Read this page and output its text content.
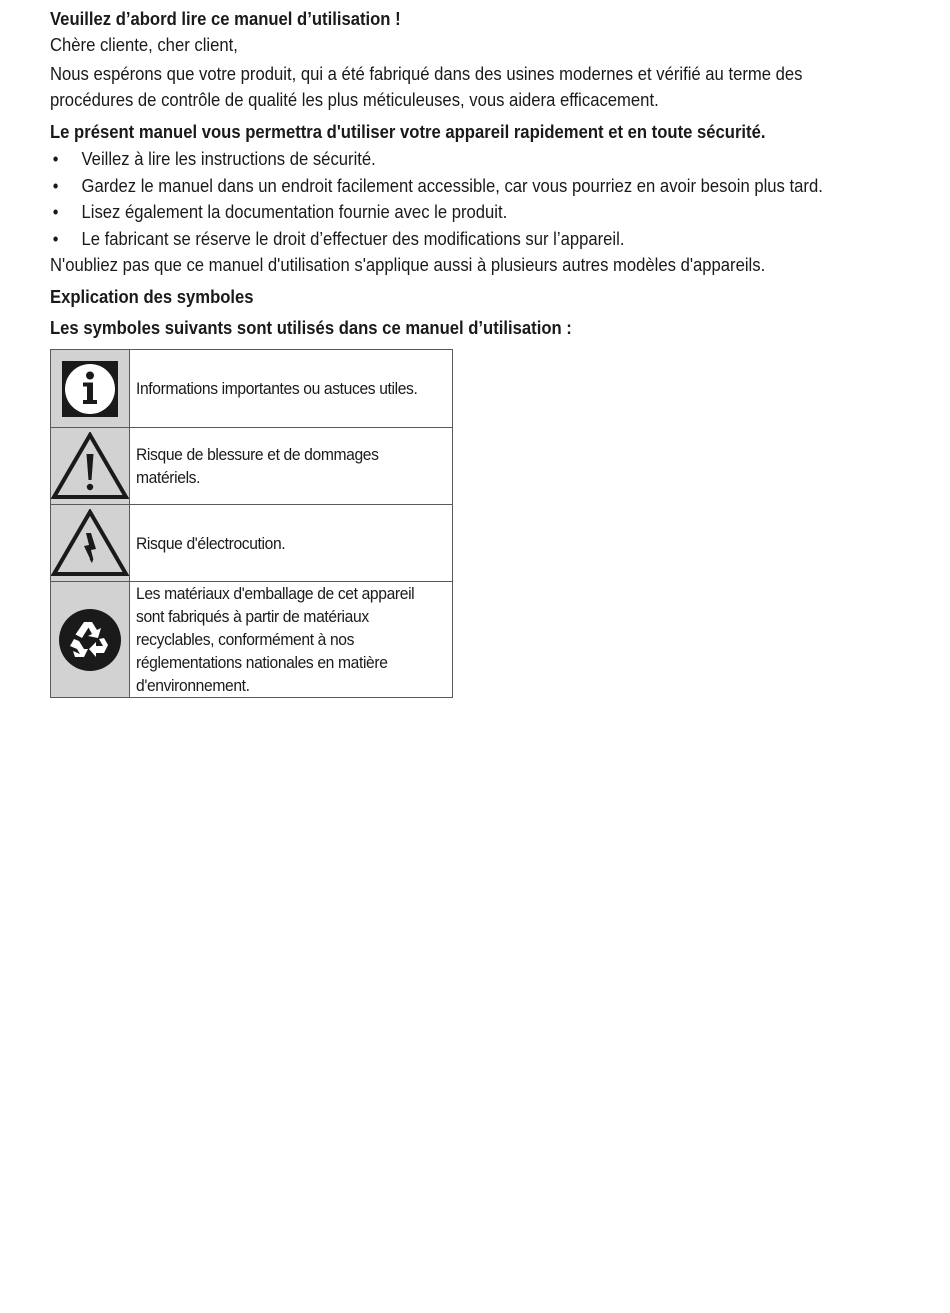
Veuillez d’abord lire ce manuel d’utilisation !

Chère cliente, cher client,

Nous espérons que votre produit, qui a été fabriqué dans des usines modernes et vérifié au terme des procédures de contrôle de qualité les plus méticuleuses, vous aidera efficacement.

Le présent manuel vous permettra d'utiliser votre appareil rapidement et en toute sécurité.

• Veillez à lire les instructions de sécurité.
• Gardez le manuel dans un endroit facilement accessible, car vous pourriez en avoir besoin plus tard.
• Lisez également la documentation fournie avec le produit.
• Le fabricant se réserve le droit d’effectuer des modifications sur l’appareil.

N'oubliez pas que ce manuel d'utilisation s'applique aussi à plusieurs autres modèles d'appareils.

Explication des symboles

Les symboles suivants sont utilisés dans ce manuel d’utilisation :

Informations importantes ou astuces utiles.

Risque de blessure et de dommages matériels.

Risque d'électrocution.

Les matériaux d'emballage de cet appareil sont fabriqués à partir de matériaux recyclables, conformément à nos réglementations nationales en matière d'environnement.
